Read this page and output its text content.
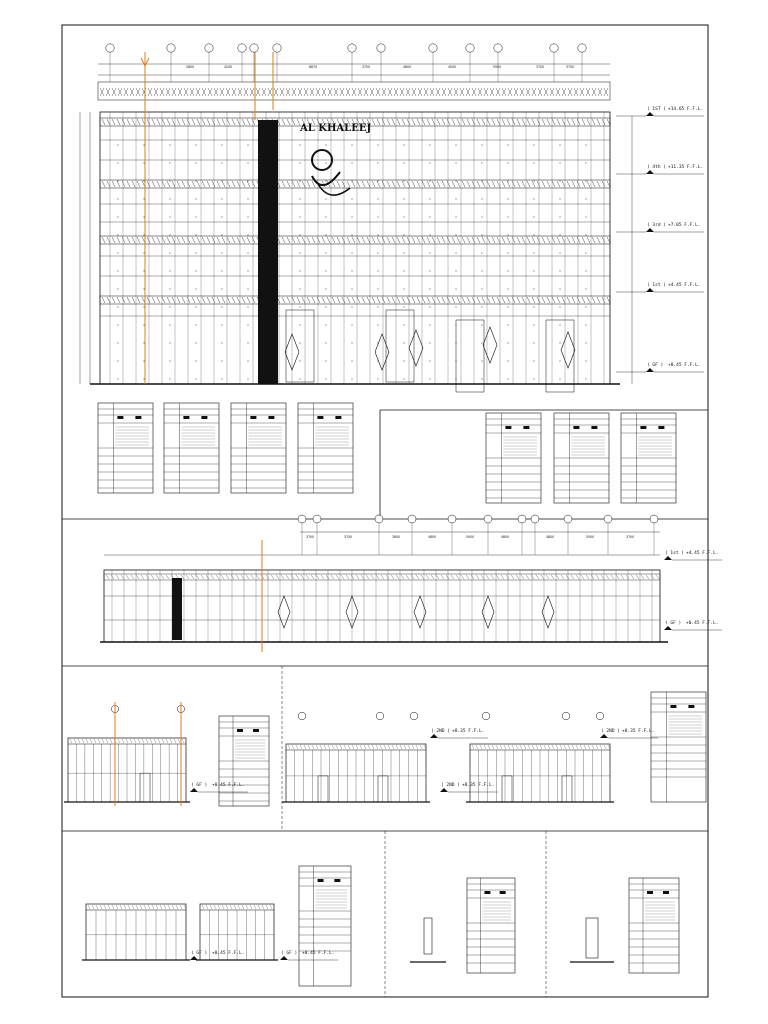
2800	4200	8870	3750	4800	4500	5500	3700	3750
AL KHALEEJ
( 1ST ) +14.65 F.F.L.
( 4th ) +11.35 F.F.L.
( 3rd ) +7.05 F.F.L.
( 1st ) +4.45 F.F.L.
( GF ) +0.45 F.F.L.
3700	3750	3800	4800	5000	4800	4800	5500	3700
( 1st ) +4.45 F.F.L.
( GF ) +0.45 F.F.L.
( GF ) +0.45 F.F.L.
( 2ND ) +8.35 F.F.L.
( 2ND ) +8.35 F.F.L.
( 2ND ) +8.35 F.F.L.
( GF ) +0.45 F.F.L.	( GF ) +0.45 F.F.L.
